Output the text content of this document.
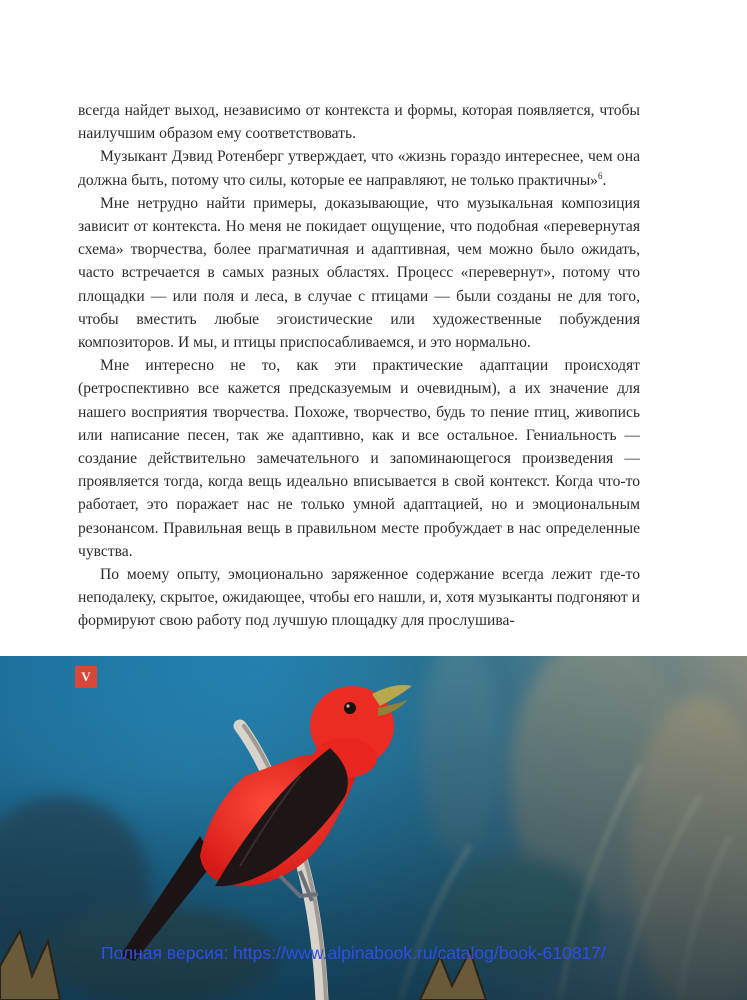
всегда найдет выход, независимо от контекста и формы, которая появляется, чтобы наилучшим образом ему соответствовать.

Музыкант Дэвид Ротенберг утверждает, что «жизнь гораздо интереснее, чем она должна быть, потому что силы, которые ее направляют, не только практичны»$^6$.

Мне нетрудно найти примеры, доказывающие, что музыкальная композиция зависит от контекста. Но меня не покидает ощущение, что подобная «перевернутая схема» творчества, более прагматичная и адаптивная, чем можно было ожидать, часто встречается в самых разных областях. Процесс «перевернут», потому что площадки — или поля и леса, в случае с птицами — были созданы не для того, чтобы вместить любые эгоистические или художественные побуждения композиторов. И мы, и птицы приспосабливаемся, и это нормально.

Мне интересно не то, как эти практические адаптации происходят (ретроспективно все кажется предсказуемым и очевидным), а их значение для нашего восприятия творчества. Похоже, творчество, будь то пение птиц, живопись или написание песен, так же адаптивно, как и все остальное. Гениальность — создание действительно замечательного и запоминающегося произведения — проявляется тогда, когда вещь идеально вписывается в свой контекст. Когда что-то работает, это поражает нас не только умной адаптацией, но и эмоциональным резонансом. Правильная вещь в правильном месте пробуждает в нас определенные чувства.

По моему опыту, эмоционально заряженное содержание всегда лежит где-то неподалеку, скрытое, ожидающее, чтобы его нашли, и, хотя музыканты подгоняют и формируют свою работу под лучшую площадку для прослушива-

V
Полная версия: https://www.alpinabook.ru/catalog/book-610817/
